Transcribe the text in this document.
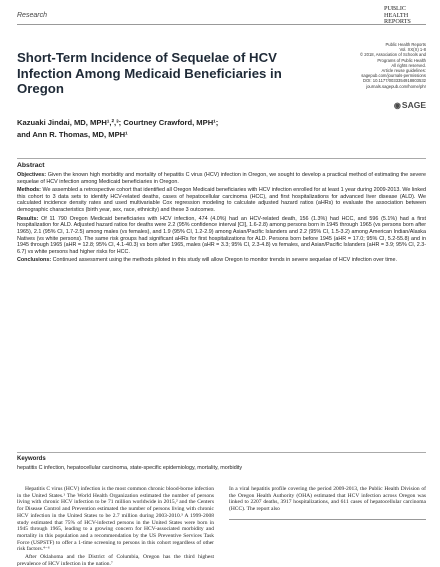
Research
PUBLIC
HEALTH
REPORTS
Short-Term Incidence of Sequelae of HCV Infection Among Medicaid Beneficiaries in Oregon
Public Health Reports
Vol. XX(X) 1-8
© 2018, Association of Schools and
Programs of Public Health
All rights reserved.
Article reuse guidelines:
sagepub.com/journals-permissions
DOI: 10.1177/0033354918803532
journals.sagepub.com/home/phr
◉SAGE
Kazuaki Jindai, MD, MPH¹,²,³; Courtney Crawford, MPH¹;
and Ann R. Thomas, MD, MPH¹
Abstract

Objectives: Given the known high morbidity and mortality of hepatitis C virus (HCV) infection in Oregon, we sought to develop a practical method of estimating the severe sequelae of HCV infection among Medicaid beneficiaries in Oregon.

Methods: We assembled a retrospective cohort that identified all Oregon Medicaid beneficiaries with HCV infection enrolled for at least 1 year during 2009-2013. We linked this cohort to 3 data sets to identify HCV-related deaths, cases of hepatocellular carcinoma (HCC), and first hospitalizations for advanced liver disease (ALD). We calculated incidence density rates and used multivariable Cox regression modeling to calculate adjusted hazard ratios (aHRs) to evaluate the association between demographic characteristics (birth year, sex, race, ethnicity) and these 3 outcomes.

Results: Of 11 790 Oregon Medicaid beneficiaries with HCV infection, 474 (4.0%) had an HCV-related death, 156 (1.3%) had HCC, and 596 (5.1%) had a first hospitalization for ALD. Adjusted hazard ratios for deaths were 2.2 (95% confidence interval [CI], 1.6-2.8) among persons born in 1945 through 1965 (vs persons born after 1965), 2.1 (95% CI, 1.7-2.5) among males (vs females), and 1.9 (95% CI, 1.2-2.9) among Asian/Pacific Islanders and 2.2 (95% CI, 1.5-3.2) among American Indian/Alaska Natives (vs white persons). The same risk groups had significant aHRs for first hospitalizations for ALD. Persons born before 1945 (aHR = 17.0; 95% CI, 5.2-55.8) and in 1945 through 1965 (aHR = 12.8; 95% CI, 4.1-40.3) vs born after 1965, males (aHR = 3.3; 95% CI, 2.3-4.8) vs females, and Asian/Pacific Islanders (aHR = 3.9; 95% CI, 2.3-6.7) vs white persons had higher risks for HCC.

Conclusions: Continued assessment using the methods piloted in this study will allow Oregon to monitor trends in severe sequelae of HCV infection over time.

Keywords
hepatitis C infection, hepatocellular carcinoma, state-specific epidemiology, mortality, morbidity

Hepatitis C virus (HCV) infection is the most common chronic blood-borne infection in the United States.¹ The World Health Organization estimated the number of persons living with chronic HCV infection to be 71 million worldwide in 2015,² and the Centers for Disease Control and Prevention estimated the number of persons living with chronic HCV infection in the United States to be 2.7 million during 2003-2010.³ A 1999-2008 study estimated that 75% of HCV-infected persons in the United States were born in 1945 through 1965, leading to a growing concern for HCV-associated morbidity and mortality in this population and a recommendation by the US Preventive Services Task Force (USPSTF) to offer a 1-time screening to persons in this cohort regardless of other risk factors.⁴⁻⁶

After Oklahoma and the District of Columbia, Oregon has the third highest prevalence of HCV infection in the nation.⁷

In a viral hepatitis profile covering the period 2009-2013, the Public Health Division of the Oregon Health Authority (OHA) estimated that HCV infection across Oregon was linked to 2207 deaths, 3917 hospitalizations, and 611 cases of hepatocellular carcinoma (HCC). The report also
